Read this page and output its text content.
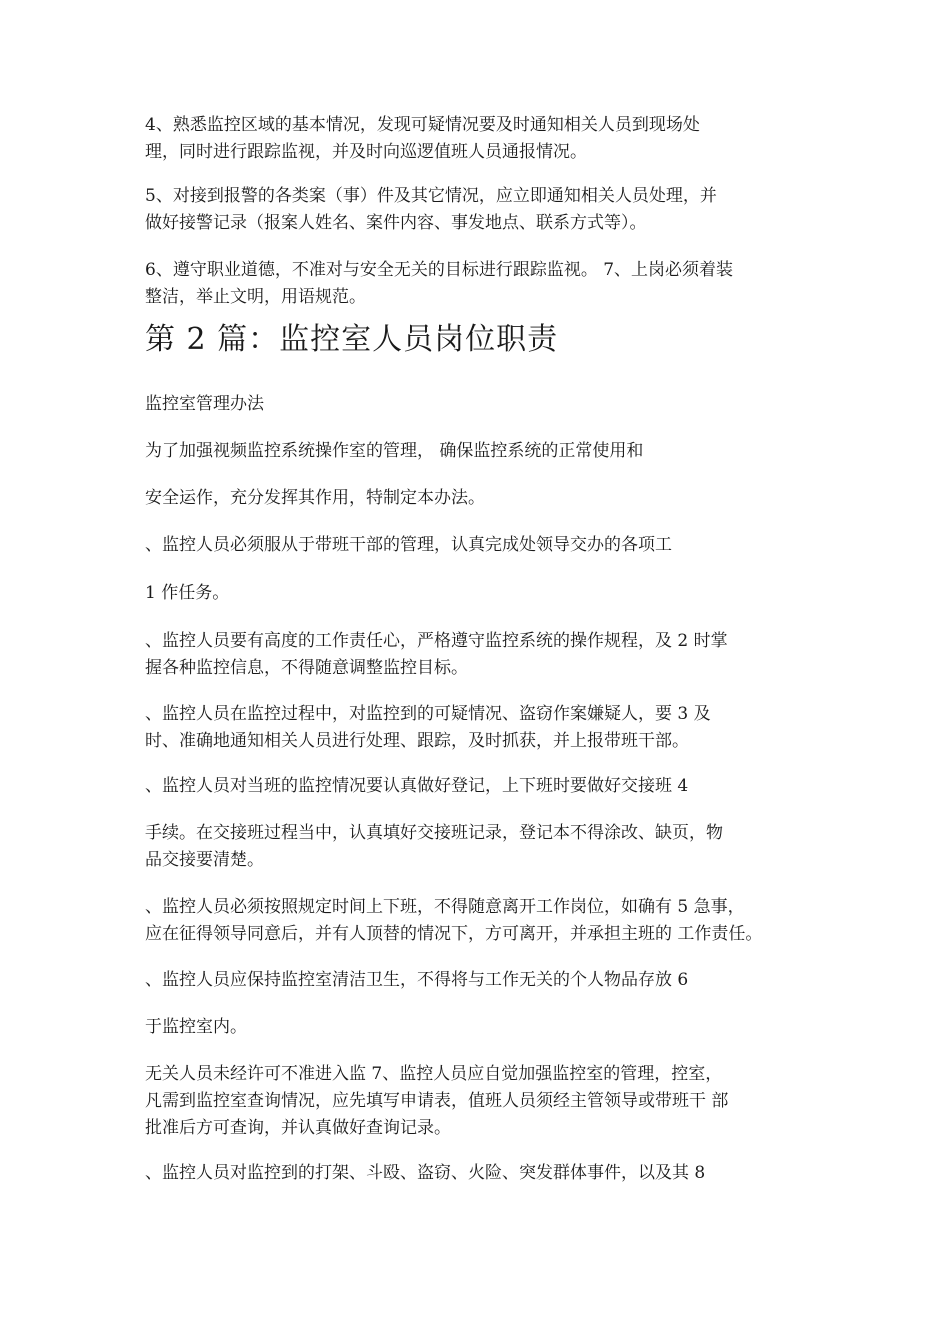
4、熟悉监控区域的基本情况，发现可疑情况要及时通知相关人员到现场处
理，同时进行跟踪监视，并及时向巡逻值班人员通报情况。
5、对接到报警的各类案（事）件及其它情况，应立即通知相关人员处理，并
做好接警记录（报案人姓名、案件内容、事发地点、联系方式等）。
6、遵守职业道德，不准对与安全无关的目标进行跟踪监视。 7、上岗必须着装
整洁，举止文明，用语规范。
第 2 篇：监控室人员岗位职责
监控室管理办法
为了加强视频监控系统操作室的管理， 确保监控系统的正常使用和
安全运作，充分发挥其作用，特制定本办法。
、监控人员必须服从于带班干部的管理，认真完成处领导交办的各项工
1 作任务。
、监控人员要有高度的工作责任心，严格遵守监控系统的操作规程，及 2 时掌
握各种监控信息，不得随意调整监控目标。
、监控人员在监控过程中，对监控到的可疑情况、盗窃作案嫌疑人，要 3 及
时、准确地通知相关人员进行处理、跟踪，及时抓获，并上报带班干部。
、监控人员对当班的监控情况要认真做好登记，上下班时要做好交接班 4
手续。在交接班过程当中，认真填好交接班记录，登记本不得涂改、缺页，物
品交接要清楚。
、监控人员必须按照规定时间上下班，不得随意离开工作岗位，如确有 5 急事，
应在征得领导同意后，并有人顶替的情况下，方可离开，并承担主班的 工作责任。
、监控人员应保持监控室清洁卫生，不得将与工作无关的个人物品存放 6
于监控室内。
无关人员未经许可不准进入监 7、监控人员应自觉加强监控室的管理，控室，
凡需到监控室查询情况，应先填写申请表，值班人员须经主管领导或带班干 部
批准后方可查询，并认真做好查询记录。
、监控人员对监控到的打架、斗殴、盗窃、火险、突发群体事件，以及其 8
